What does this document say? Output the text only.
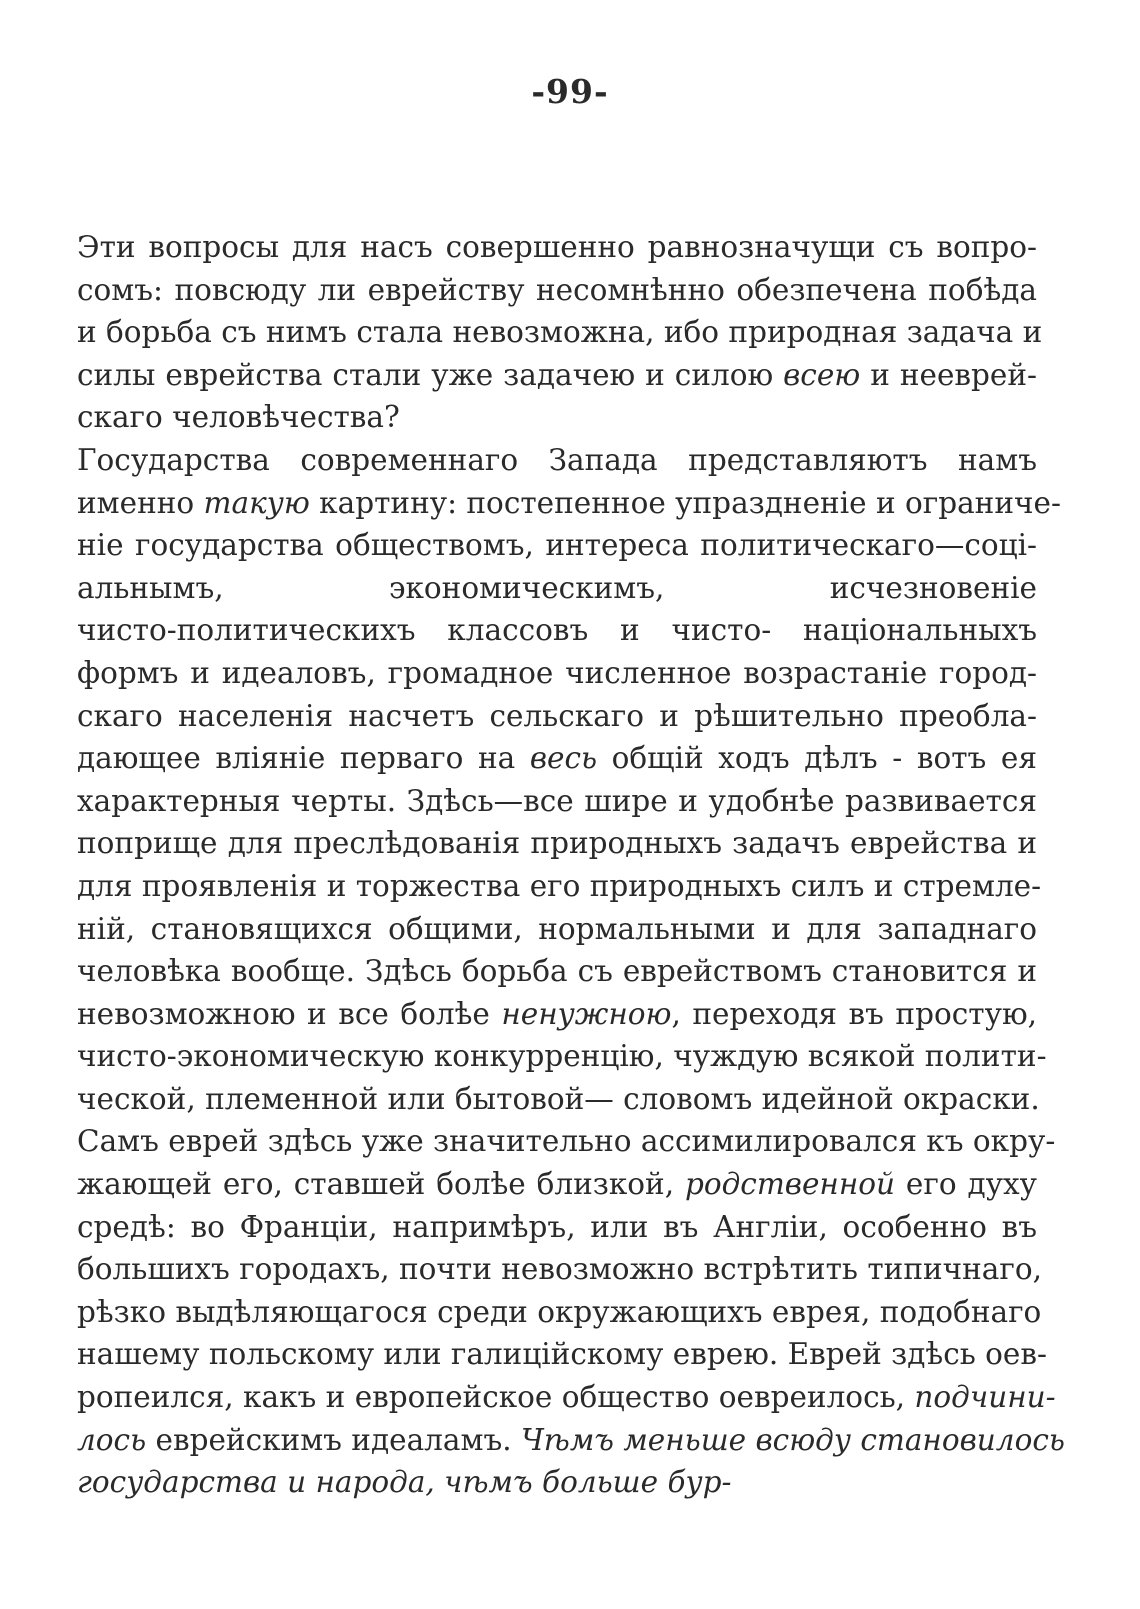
-99-
Эти вопросы для насъ совершенно равнозначущи съ вопро-
сомъ: повсюду ли еврейству несомнѣнно обезпечена побѣда
и борьба съ нимъ стала невозможна, ибо природная задача и
силы еврейства стали уже задачею и силою всею и нееврей-
скаго человѣчества?
Государства современнаго Запада представляютъ намъ
именно такую картину: постепенное упраздненіе и ограниче-
ніе государства обществомъ, интереса политическаго—соці-
альнымъ, экономическимъ, исчезновеніе
чисто-политическихъ классовъ и чисто- національныхъ
формъ и идеаловъ, громадное численное возрастаніе город-
скаго населенія насчетъ сельскаго и рѣшительно преобла-
дающее вліяніе перваго на весь общій ходъ дѣлъ - вотъ ея
характерныя черты. Здѣсь—все шире и удобнѣе развивается
поприще для преслѣдованія природныхъ задачъ еврейства и
для проявленія и торжества его природныхъ силъ и стремле-
ній, становящихся общими, нормальными и для западнаго
человѣка вообще. Здѣсь борьба съ еврействомъ становится и
невозможною и все болѣе ненужною, переходя въ простую,
чисто-экономическую конкурренцію, чуждую всякой полити-
ческой, племенной или бытовой— словомъ идейной окраски.
Самъ еврей здѣсь уже значительно ассимилировался къ окру-
жающей его, ставшей болѣе близкой, родственной его духу
средѣ: во Франціи, напримѣръ, или въ Англіи, особенно въ
большихъ городахъ, почти невозможно встрѣтить типичнаго,
рѣзко выдѣляющагося среди окружающихъ еврея, подобнаго
нашему польскому или галиційскому еврею. Еврей здѣсь оев-
ропеился, какъ и европейское общество оевреилось, подчини-
лось еврейскимъ идеаламъ. Чѣмъ меньше всюду становилось
государства и народа, чѣмъ больше бур-
